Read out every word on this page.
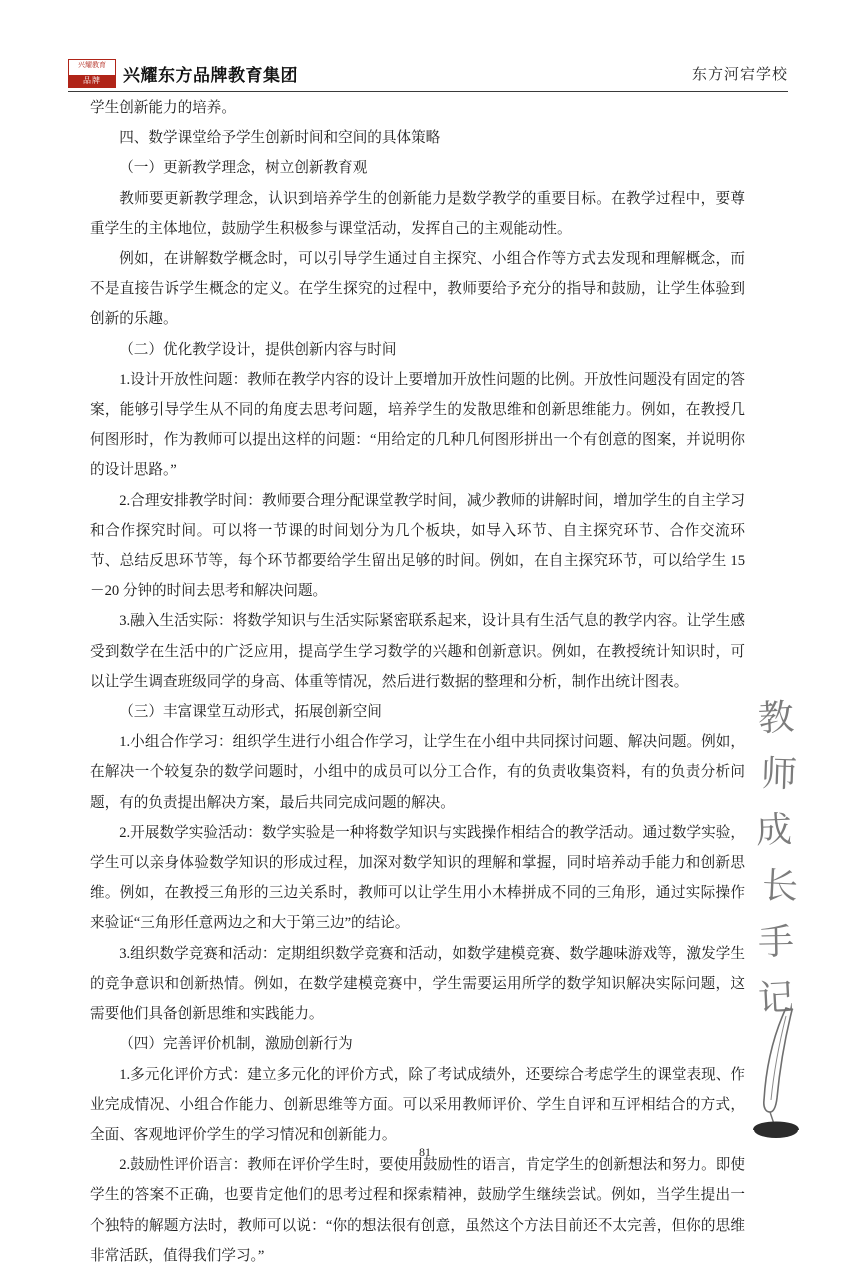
兴耀教育
品牌	兴耀东方品牌教育集团	东方河宕学校

学生创新能力的培养。

四、数学课堂给予学生创新时间和空间的具体策略

（一）更新教学理念，树立创新教育观

教师要更新教学理念，认识到培养学生的创新能力是数学教学的重要目标。在教学过程中，要尊重学生的主体地位，鼓励学生积极参与课堂活动，发挥自己的主观能动性。

例如，在讲解数学概念时，可以引导学生通过自主探究、小组合作等方式去发现和理解概念，而不是直接告诉学生概念的定义。在学生探究的过程中，教师要给予充分的指导和鼓励，让学生体验到创新的乐趣。

（二）优化教学设计，提供创新内容与时间

1.设计开放性问题：教师在教学内容的设计上要增加开放性问题的比例。开放性问题没有固定的答案，能够引导学生从不同的角度去思考问题，培养学生的发散思维和创新思维能力。例如，在教授几何图形时，作为教师可以提出这样的问题：“用给定的几种几何图形拼出一个有创意的图案，并说明你的设计思路。”

2.合理安排教学时间：教师要合理分配课堂教学时间，减少教师的讲解时间，增加学生的自主学习和合作探究时间。可以将一节课的时间划分为几个板块，如导入环节、自主探究环节、合作交流环节、总结反思环节等，每个环节都要给学生留出足够的时间。例如，在自主探究环节，可以给学生 15－20 分钟的时间去思考和解决问题。

3.融入生活实际：将数学知识与生活实际紧密联系起来，设计具有生活气息的教学内容。让学生感受到数学在生活中的广泛应用，提高学生学习数学的兴趣和创新意识。例如，在教授统计知识时，可以让学生调查班级同学的身高、体重等情况，然后进行数据的整理和分析，制作出统计图表。

（三）丰富课堂互动形式，拓展创新空间

1.小组合作学习：组织学生进行小组合作学习，让学生在小组中共同探讨问题、解决问题。例如，在解决一个较复杂的数学问题时，小组中的成员可以分工合作，有的负责收集资料，有的负责分析问题，有的负责提出解决方案，最后共同完成问题的解决。

2.开展数学实验活动：数学实验是一种将数学知识与实践操作相结合的教学活动。通过数学实验，学生可以亲身体验数学知识的形成过程，加深对数学知识的理解和掌握，同时培养动手能力和创新思维。例如，在教授三角形的三边关系时，教师可以让学生用小木棒拼成不同的三角形，通过实际操作来验证“三角形任意两边之和大于第三边”的结论。

3.组织数学竞赛和活动：定期组织数学竞赛和活动，如数学建模竞赛、数学趣味游戏等，激发学生的竞争意识和创新热情。例如，在数学建模竞赛中，学生需要运用所学的数学知识解决实际问题，这需要他们具备创新思维和实践能力。

（四）完善评价机制，激励创新行为

1.多元化评价方式：建立多元化的评价方式，除了考试成绩外，还要综合考虑学生的课堂表现、作业完成情况、小组合作能力、创新思维等方面。可以采用教师评价、学生自评和互评相结合的方式，全面、客观地评价学生的学习情况和创新能力。

2.鼓励性评价语言：教师在评价学生时，要使用鼓励性的语言，肯定学生的创新想法和努力。即使学生的答案不正确，也要肯定他们的思考过程和探索精神，鼓励学生继续尝试。例如，当学生提出一个独特的解题方法时，教师可以说：“你的想法很有创意，虽然这个方法目前还不太完善，但你的思维非常活跃，值得我们学习。”

教
师
成
长
手
记
81
